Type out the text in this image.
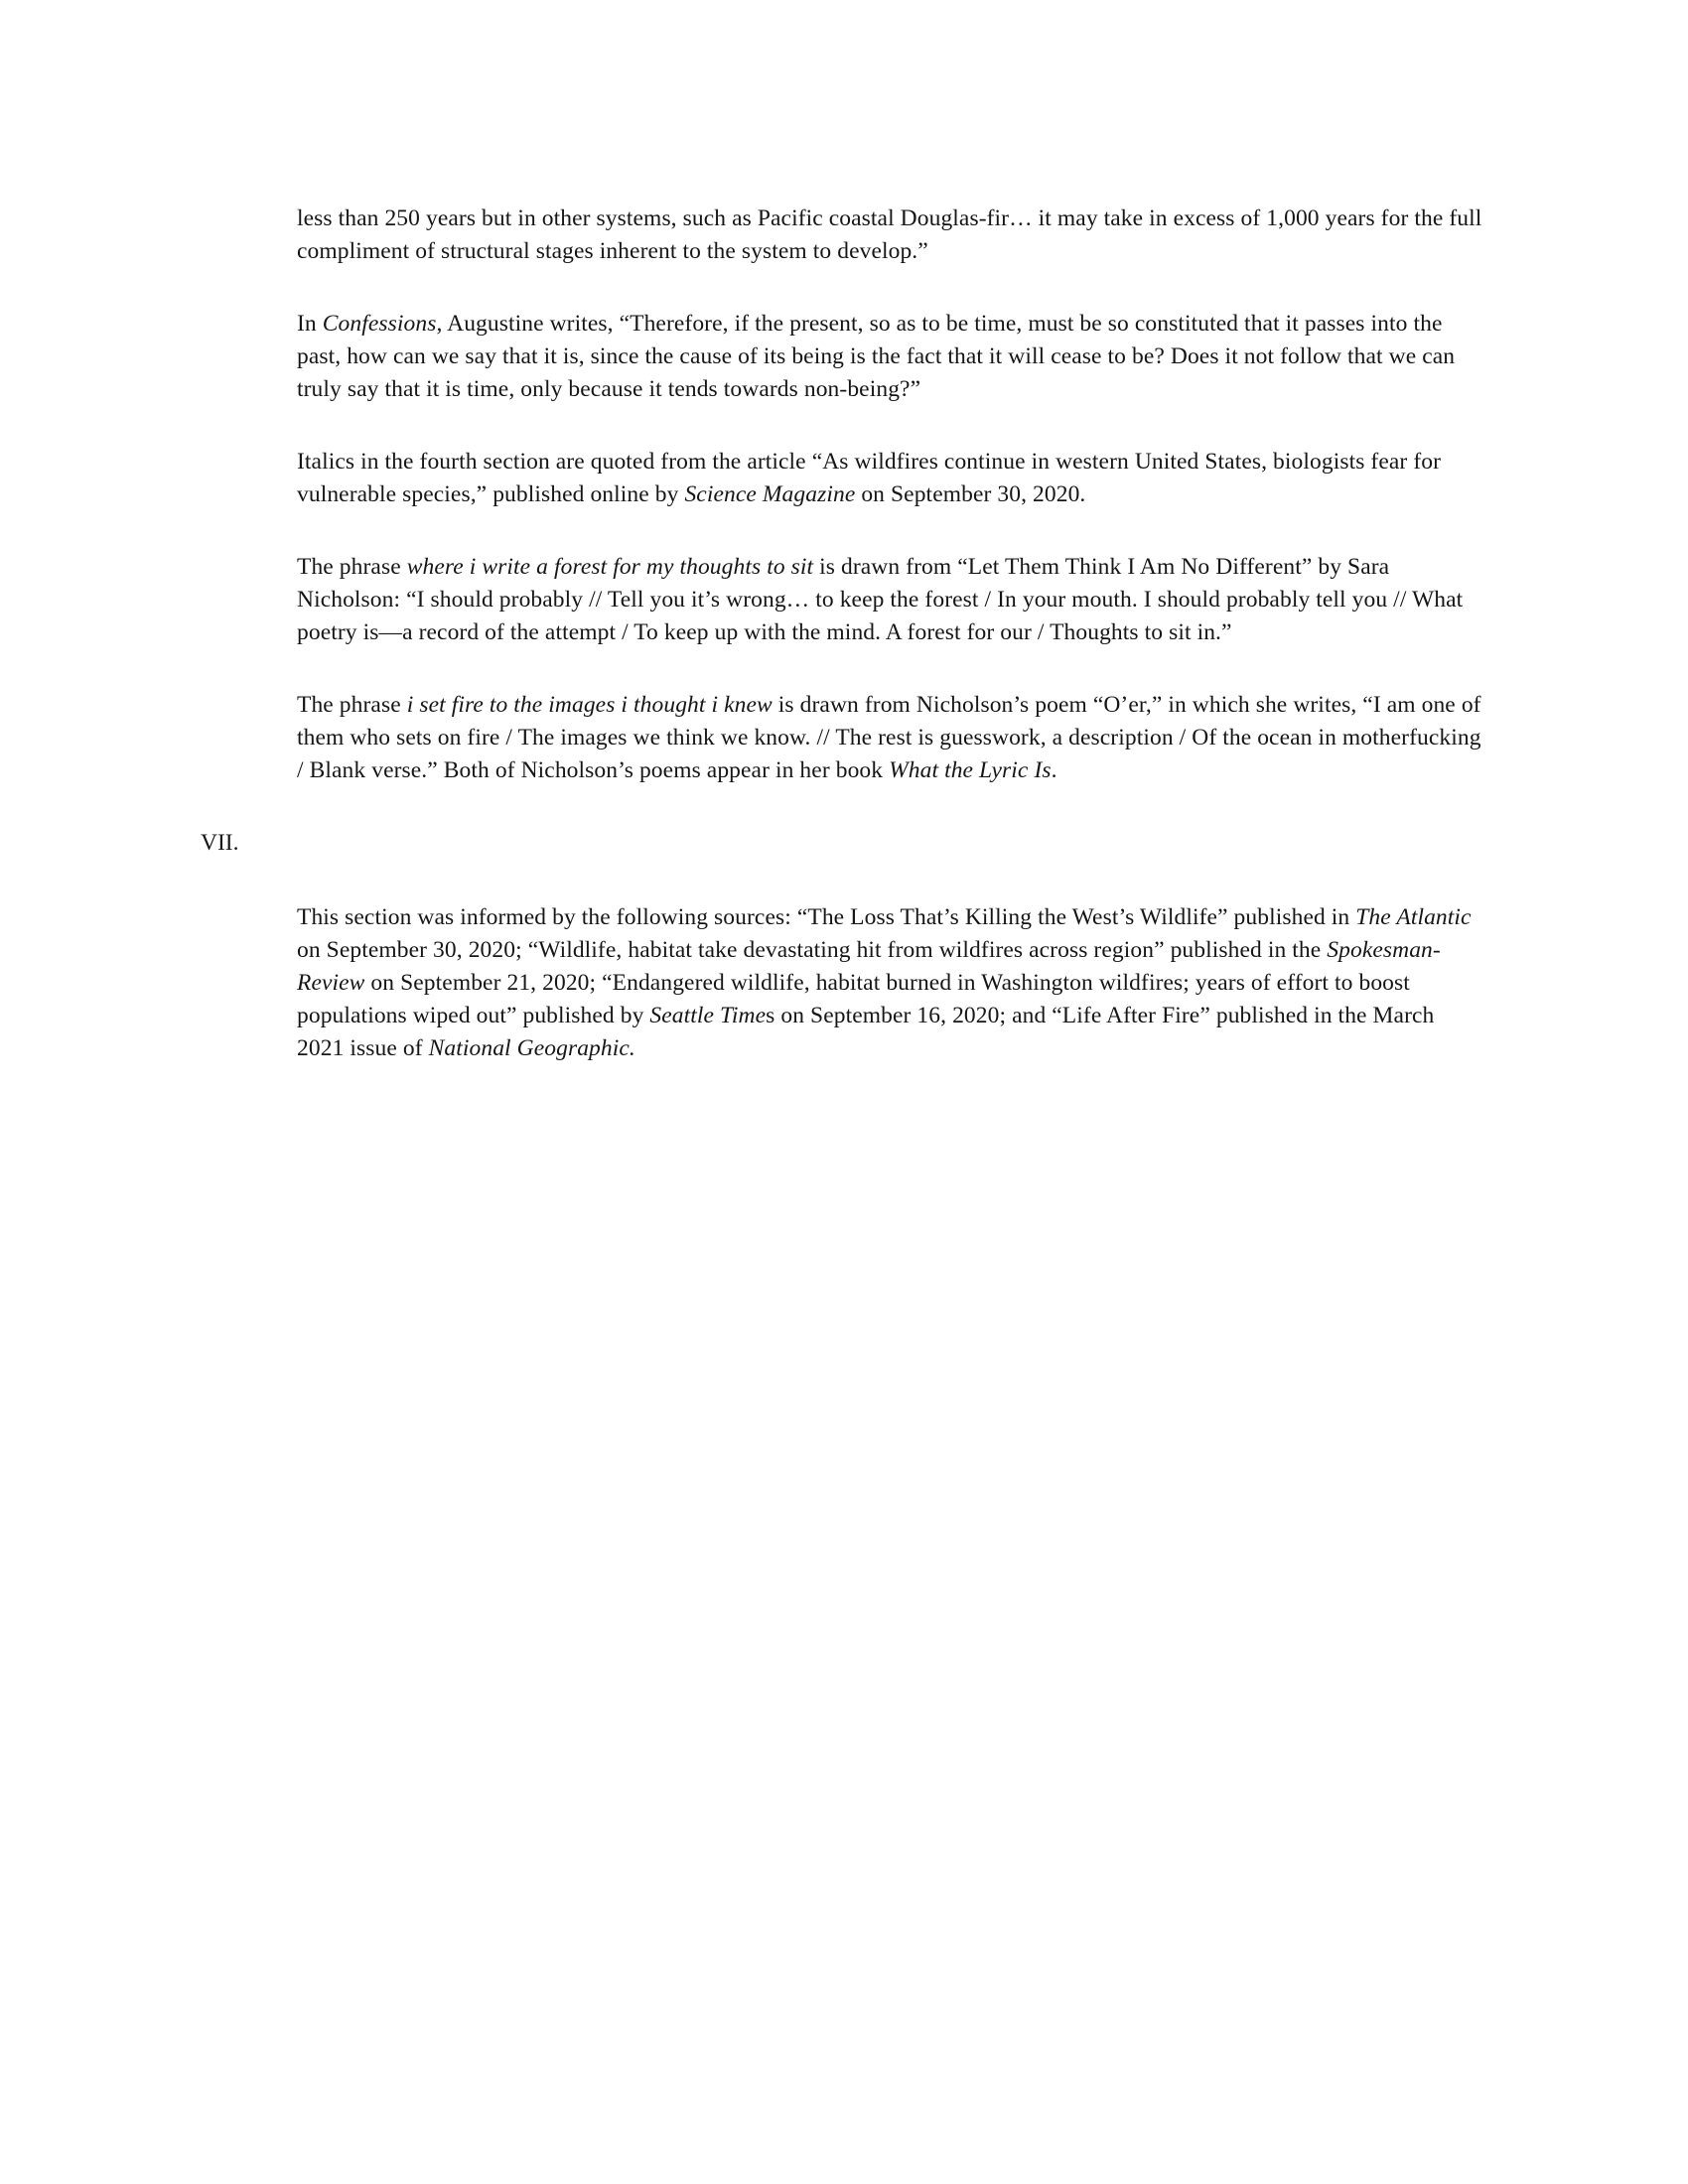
less than 250 years but in other systems, such as Pacific coastal Douglas-fir… it may take in excess of 1,000 years for the full compliment of structural stages inherent to the system to develop.”

In Confessions, Augustine writes, “Therefore, if the present, so as to be time, must be so constituted that it passes into the past, how can we say that it is, since the cause of its being is the fact that it will cease to be? Does it not follow that we can truly say that it is time, only because it tends towards non-being?”

Italics in the fourth section are quoted from the article “As wildfires continue in western United States, biologists fear for vulnerable species,” published online by Science Magazine on September 30, 2020.

The phrase where i write a forest for my thoughts to sit is drawn from “Let Them Think I Am No Different” by Sara Nicholson: “I should probably // Tell you it’s wrong… to keep the forest / In your mouth. I should probably tell you // What poetry is—a record of the attempt / To keep up with the mind. A forest for our / Thoughts to sit in.”

The phrase i set fire to the images i thought i knew is drawn from Nicholson’s poem “O’er,” in which she writes, “I am one of them who sets on fire / The images we think we know. // The rest is guesswork, a description / Of the ocean in motherfucking / Blank verse.” Both of Nicholson’s poems appear in her book What the Lyric Is.

VII.

This section was informed by the following sources: “The Loss That’s Killing the West’s Wildlife” published in The Atlantic on September 30, 2020; “Wildlife, habitat take devastating hit from wildfires across region” published in the Spokesman-Review on September 21, 2020; “Endangered wildlife, habitat burned in Washington wildfires; years of effort to boost populations wiped out” published by Seattle Times on September 16, 2020; and “Life After Fire” published in the March 2021 issue of National Geographic.
